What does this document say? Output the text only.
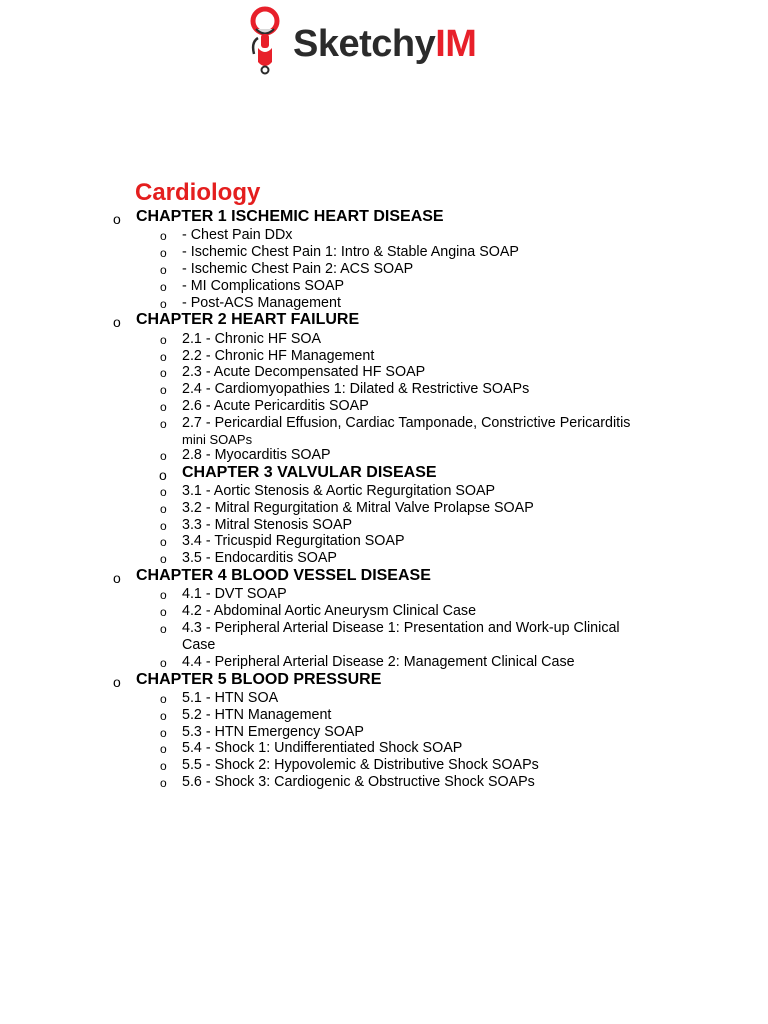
SketchyIM
Cardiology
o CHAPTER 1 ISCHEMIC HEART DISEASE
o - Chest Pain DDx
o - Ischemic Chest Pain 1: Intro & Stable Angina SOAP
o - Ischemic Chest Pain 2: ACS SOAP
o - MI Complications SOAP
o - Post-ACS Management
o CHAPTER 2 HEART FAILURE
o 2.1 - Chronic HF SOA
o 2.2 - Chronic HF Management
o 2.3 - Acute Decompensated HF SOAP
o 2.4 - Cardiomyopathies 1: Dilated & Restrictive SOAPs
o 2.6 - Acute Pericarditis SOAP
o 2.7 - Pericardial Effusion, Cardiac Tamponade, Constrictive Pericarditis
mini SOAPs
o 2.8 - Myocarditis SOAP
o CHAPTER 3 VALVULAR DISEASE
o 3.1 - Aortic Stenosis & Aortic Regurgitation SOAP
o 3.2 - Mitral Regurgitation & Mitral Valve Prolapse SOAP
o 3.3 - Mitral Stenosis SOAP
o 3.4 - Tricuspid Regurgitation SOAP
o 3.5 - Endocarditis SOAP
o CHAPTER 4 BLOOD VESSEL DISEASE
o 4.1 - DVT SOAP
o 4.2 - Abdominal Aortic Aneurysm Clinical Case
o 4.3 - Peripheral Arterial Disease 1: Presentation and Work-up Clinical
Case
o 4.4 - Peripheral Arterial Disease 2: Management Clinical Case
o CHAPTER 5 BLOOD PRESSURE
o 5.1 - HTN SOA
o 5.2 - HTN Management
o 5.3 - HTN Emergency SOAP
o 5.4 - Shock 1: Undifferentiated Shock SOAP
o 5.5 - Shock 2: Hypovolemic & Distributive Shock SOAPs
o 5.6 - Shock 3: Cardiogenic & Obstructive Shock SOAPs
